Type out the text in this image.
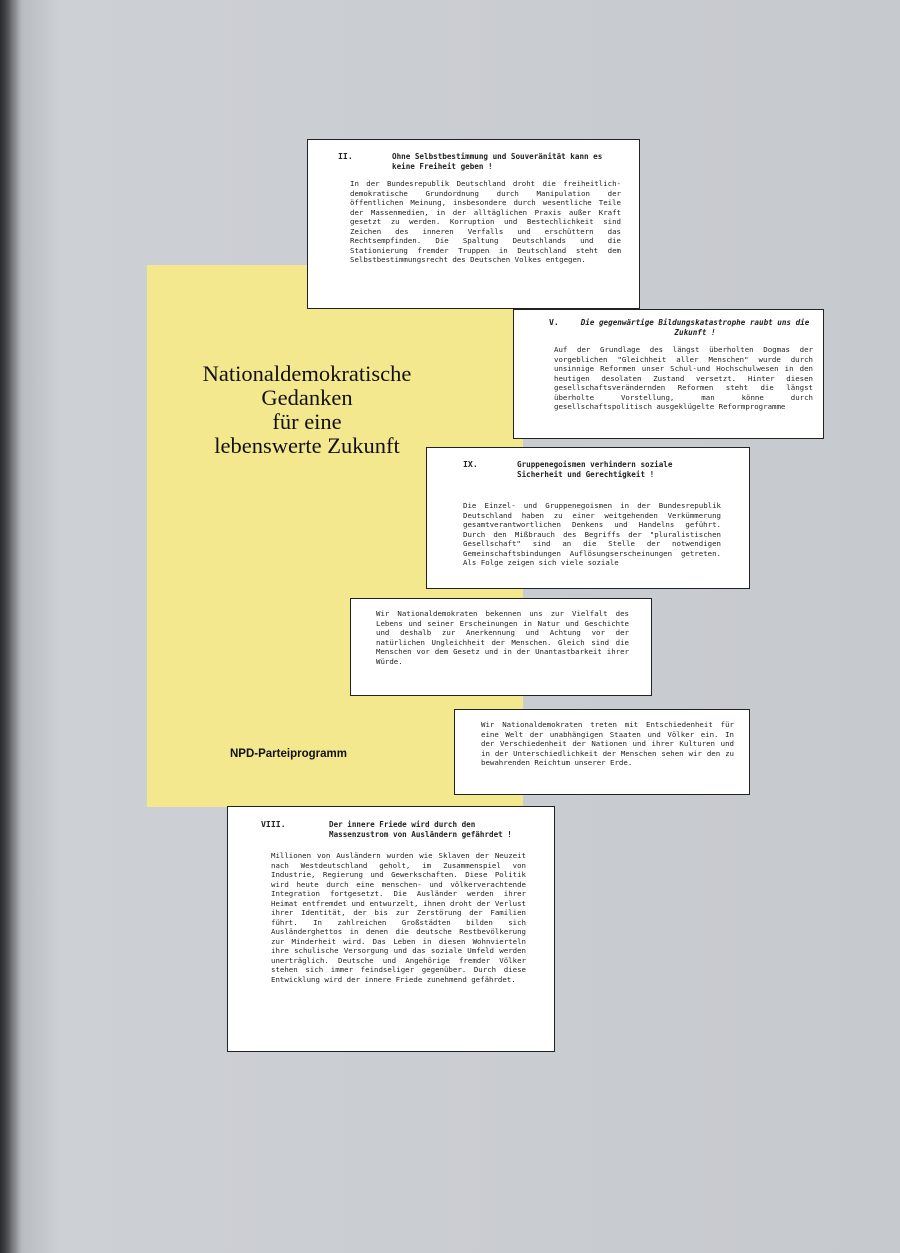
Nationaldemokratische
Gedanken
für eine
lebenswerte Zukunft
NPD-Parteiprogramm
II.	Ohne Selbstbestimmung und Souveränität kann es keine Freiheit geben !
In der Bundesrepublik Deutschland droht die freiheitlich-demokratische Grundordnung durch Manipulation der öffentlichen Meinung, insbesondere durch wesentliche Teile der Massenmedien, in der alltäglichen Praxis außer Kraft gesetzt zu werden. Korruption und Bestechlichkeit sind Zeichen des inneren Verfalls und erschüttern das Rechtsempfinden. Die Spaltung Deutschlands und die Stationierung fremder Truppen in Deutschland steht dem Selbstbestimmungsrecht des Deutschen Volkes entgegen.
V.	Die gegenwärtige Bildungskatastrophe raubt uns die Zukunft !
Auf der Grundlage des längst überholten Dogmas der vorgeblichen "Gleichheit aller Menschen" wurde durch unsinnige Reformen unser Schul-und Hochschulwesen in den heutigen desolaten Zustand versetzt. Hinter diesen gesellschaftsverändernden Reformen steht die längst überholte Vorstellung, man könne durch gesellschaftspolitisch ausgeklügelte Reformprogramme
IX.	Gruppenegoismen verhindern soziale Sicherheit und Gerechtigkeit !
Die Einzel- und Gruppenegoismen in der Bundesrepublik Deutschland haben zu einer weitgehenden Verkümmerung gesamtverantwortlichen Denkens und Handelns geführt. Durch den Mißbrauch des Begriffs der "pluralistischen Gesellschaft" sind an die Stelle der notwendigen Gemeinschaftsbindungen Auflösungserscheinungen getreten. Als Folge zeigen sich viele soziale
Wir Nationaldemokraten bekennen uns zur Vielfalt des Lebens und seiner Erscheinungen in Natur und Geschichte und deshalb zur Anerkennung und Achtung vor der natürlichen Ungleichheit der Menschen. Gleich sind die Menschen vor dem Gesetz und in der Unantastbarkeit ihrer Würde.
Wir Nationaldemokraten treten mit Entschiedenheit für eine Welt der unabhängigen Staaten und Völker ein. In der Verschiedenheit der Nationen und ihrer Kulturen und in der Unterschiedlichkeit der Menschen sehen wir den zu bewahrenden Reichtum unserer Erde.
VIII.	Der innere Friede wird durch den Massenzustrom von Ausländern gefährdet !
Millionen von Ausländern wurden wie Sklaven der Neuzeit nach Westdeutschland geholt, im Zusammenspiel von Industrie, Regierung und Gewerkschaften. Diese Politik wird heute durch eine menschen- und völkerverachtende Integration fortgesetzt. Die Ausländer werden ihrer Heimat entfremdet und entwurzelt, ihnen droht der Verlust ihrer Identität, der bis zur Zerstörung der Familien führt. In zahlreichen Großstädten bilden sich Ausländerghettos in denen die deutsche Restbevölkerung zur Minderheit wird. Das Leben in diesen Wohnvierteln ihre schulische Versorgung und das soziale Umfeld werden unerträglich. Deutsche und Angehörige fremder Völker stehen sich immer feindseliger gegenüber. Durch diese Entwicklung wird der innere Friede zunehmend gefährdet.
